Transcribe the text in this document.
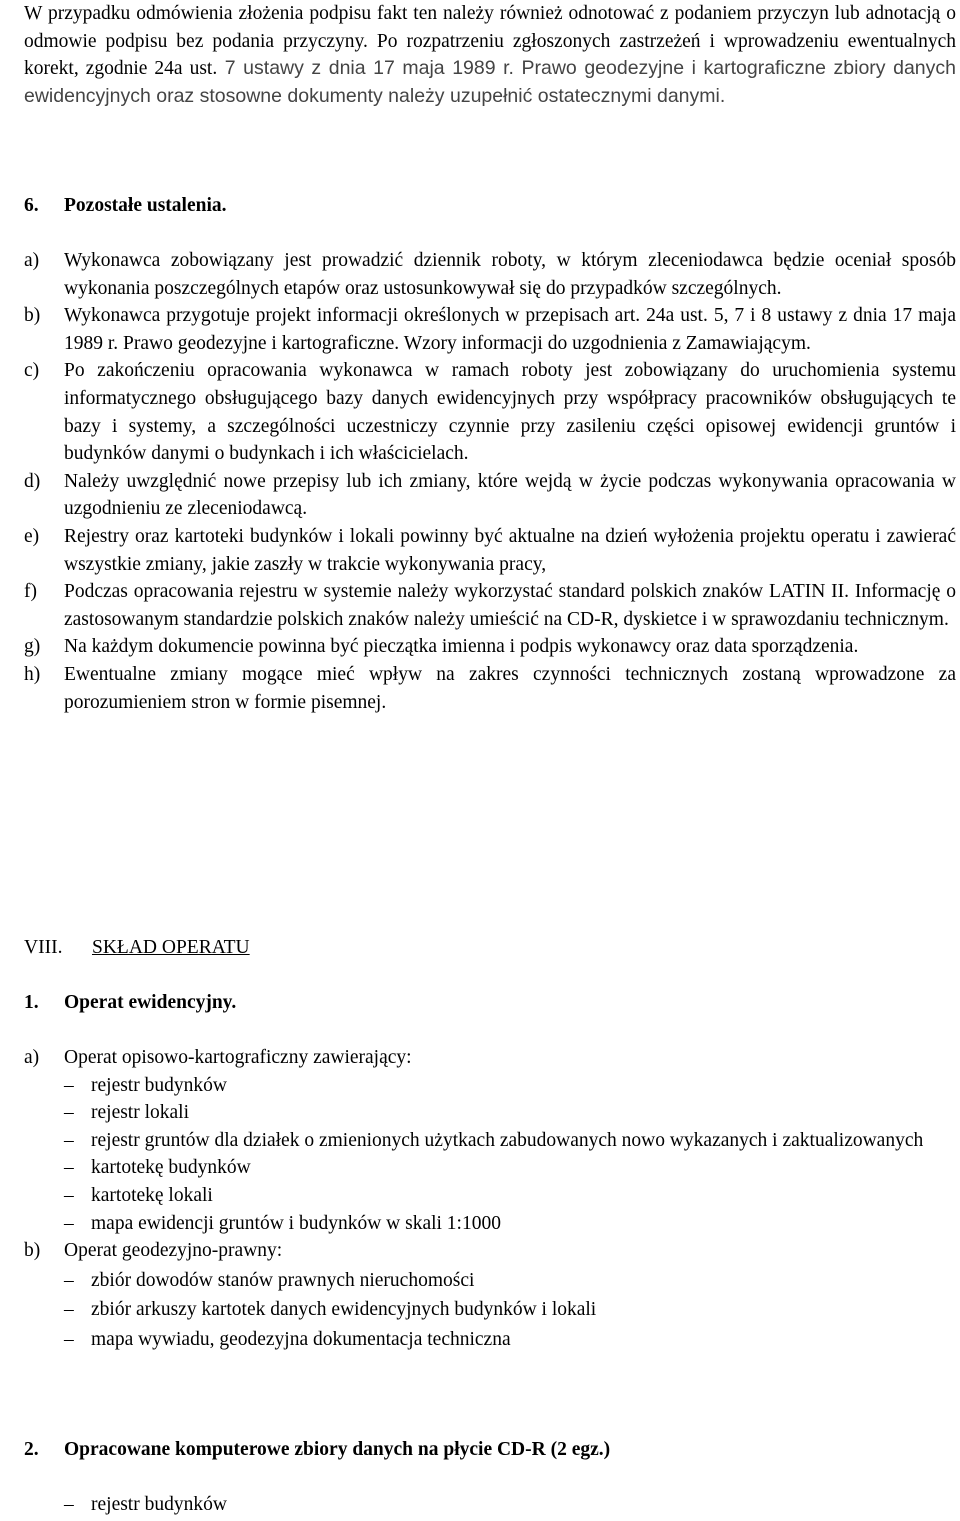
W przypadku odmówienia złożenia podpisu fakt ten należy również odnotować z podaniem przyczyn lub adnotacją o odmowie podpisu bez podania przyczyny. Po rozpatrzeniu zgłoszonych zastrzeżeń i wprowadzeniu ewentualnych korekt, zgodnie 24a ust. 7 ustawy z dnia 17 maja 1989 r. Prawo geodezyjne i kartograficzne zbiory danych ewidencyjnych oraz stosowne dokumenty należy uzupełnić ostatecznymi danymi.
6. Pozostałe ustalenia.
a) Wykonawca zobowiązany jest prowadzić dziennik roboty, w którym zleceniodawca będzie oceniał sposób wykonania poszczególnych etapów oraz ustosunkowywał się do przypadków szczególnych.
b) Wykonawca przygotuje projekt informacji określonych w przepisach art. 24a ust. 5, 7 i 8 ustawy z dnia 17 maja 1989 r. Prawo geodezyjne i kartograficzne. Wzory informacji do uzgodnienia z Zamawiającym.
c) Po zakończeniu opracowania wykonawca w ramach roboty jest zobowiązany do uruchomienia systemu informatycznego obsługującego bazy danych ewidencyjnych przy współpracy pracowników obsługujących te bazy i systemy, a szczególności uczestniczy czynnie przy zasileniu części opisowej ewidencji gruntów i budynków danymi o budynkach i ich właścicielach.
d) Należy uwzględnić nowe przepisy lub ich zmiany, które wejdą w życie podczas wykonywania opracowania w uzgodnieniu ze zleceniodawcą.
e) Rejestry oraz kartoteki budynków i lokali powinny być aktualne na dzień wyłożenia projektu operatu i zawierać wszystkie zmiany, jakie zaszły w trakcie wykonywania pracy,
f) Podczas opracowania rejestru w systemie należy wykorzystać standard polskich znaków LATIN II. Informację o zastosowanym standardzie polskich znaków należy umieścić na CD-R, dyskietce i w sprawozdaniu technicznym.
g) Na każdym dokumencie powinna być pieczątka imienna i podpis wykonawcy oraz data sporządzenia.
h) Ewentualne zmiany mogące mieć wpływ na zakres czynności technicznych zostaną wprowadzone za porozumieniem stron w formie pisemnej.
VIII. SKŁAD OPERATU
1. Operat ewidencyjny.
a) Operat opisowo-kartograficzny zawierający:
– rejestr budynków
– rejestr lokali
– rejestr gruntów dla działek o zmienionych użytkach zabudowanych nowo wykazanych i zaktualizowanych
– kartotekę budynków
– kartotekę lokali
– mapa ewidencji gruntów i budynków w skali 1:1000
b) Operat geodezyjno-prawny:
– zbiór dowodów stanów prawnych nieruchomości
– zbiór arkuszy kartotek danych ewidencyjnych budynków i lokali
– mapa wywiadu, geodezyjna dokumentacja techniczna
2. Opracowane komputerowe zbiory danych na płycie CD-R (2 egz.)
– rejestr budynków
